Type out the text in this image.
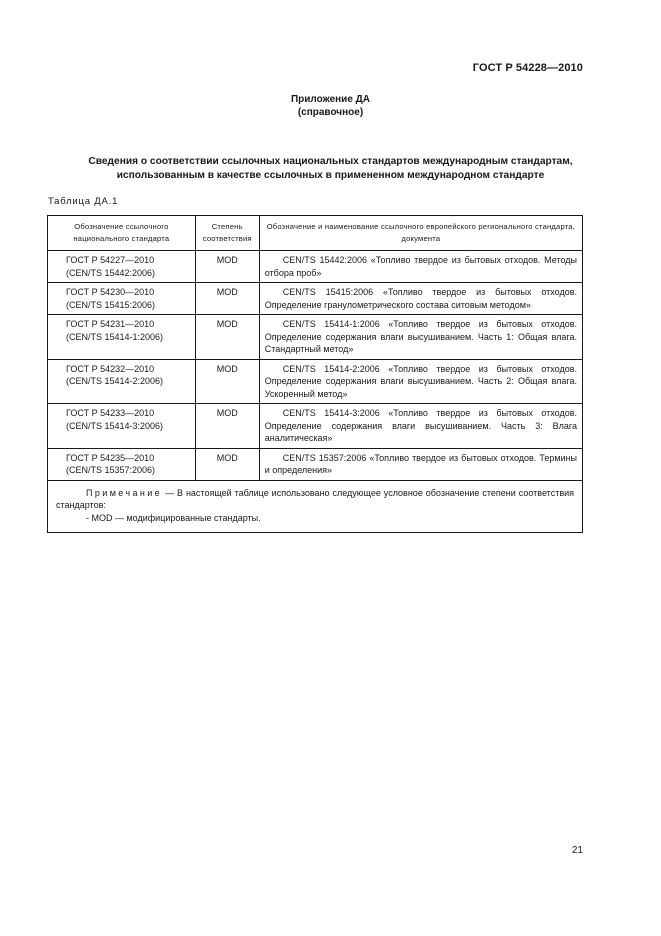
ГОСТ Р 54228—2010
Приложение ДА
(справочное)
Сведения о соответствии ссылочных национальных стандартов международным стандартам,
использованным в качестве ссылочных в примененном международном стандарте
Таблица ДА.1
Обозначение ссылочного национального стандарта	Степень соответствия	Обозначение и наименование ссылочного европейского регионального стандарта, документа

ГОСТ Р 54227—2010
(CEN/TS 15442:2006)	MOD	CEN/TS 15442:2006 «Топливо твердое из бытовых отходов. Методы отбора проб»

ГОСТ Р 54230—2010
(CEN/TS 15415:2006)	MOD	CEN/TS 15415:2006 «Топливо твердое из бытовых отходов. Определение гранулометрического состава ситовым методом»

ГОСТ Р 54231—2010
(CEN/TS 15414-1:2006)	MOD	CEN/TS 15414-1:2006 «Топливо твердое из бытовых отходов. Определение содержания влаги высушиванием. Часть 1: Общая влага. Стандартный метод»

ГОСТ Р 54232—2010
(CEN/TS 15414-2:2006)	MOD	CEN/TS 15414-2:2006 «Топливо твердое из бытовых отходов. Определение содержания влаги высушиванием. Часть 2: Общая влага. Ускоренный метод»

ГОСТ Р 54233—2010
(CEN/TS 15414-3:2006)	MOD	CEN/TS 15414-3:2006 «Топливо твердое из бытовых отходов. Определение содержания влаги высушиванием. Часть 3: Влага аналитическая»

ГОСТ Р 54235—2010
(CEN/TS 15357:2006)	MOD	CEN/TS 15357:2006 «Топливо твердое из бытовых отходов. Термины и определения»

Примечание — В настоящей таблице использовано следующее условное обозначение степени соответствия стандартов:
- MOD — модифицированные стандарты.		
21
